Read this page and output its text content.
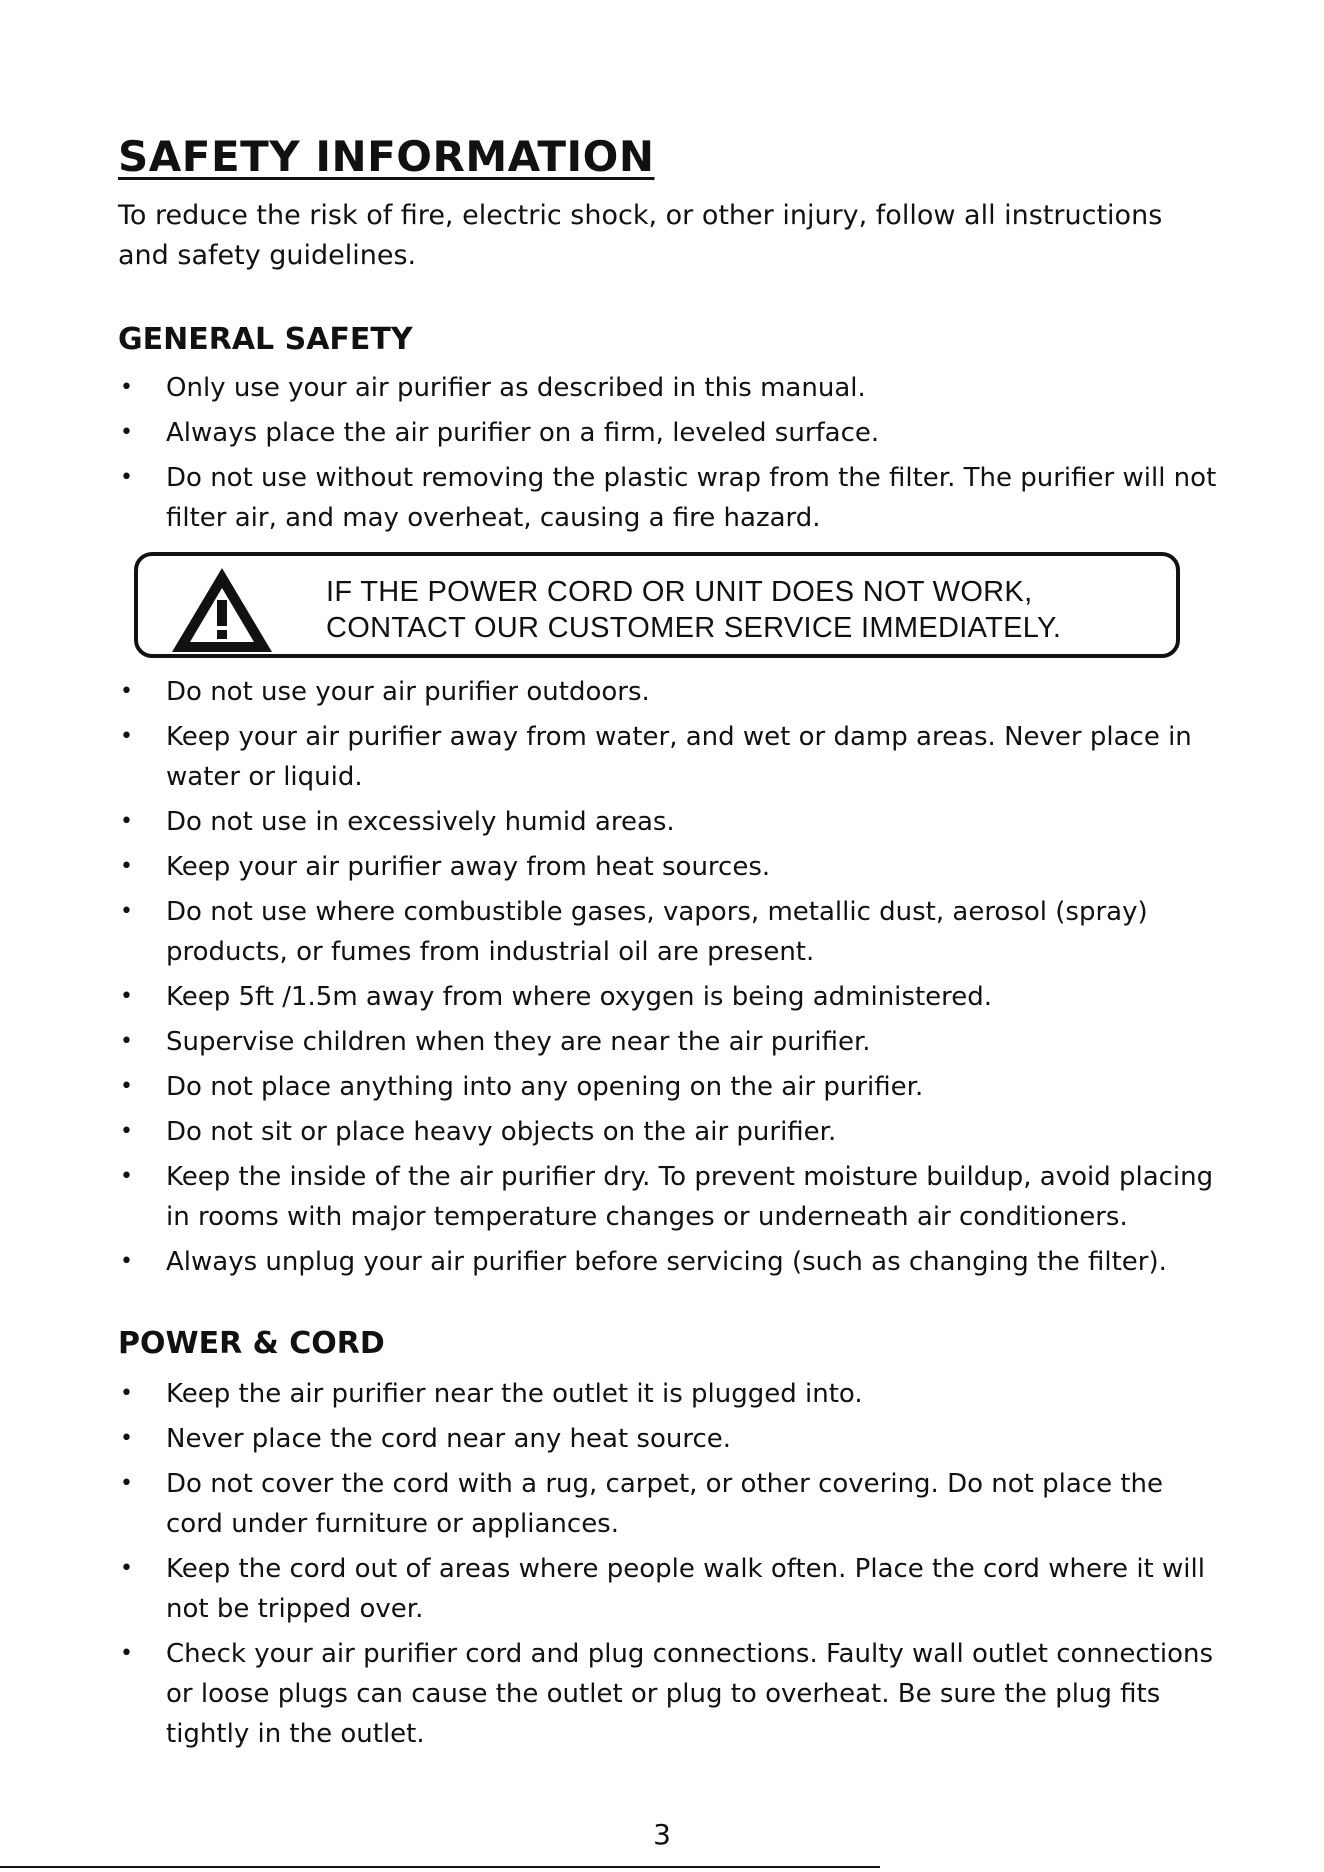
SAFETY INFORMATION

To reduce the risk of fire, electric shock, or other injury, follow all instructions and safety guidelines.

GENERAL SAFETY
• Only use your air purifier as described in this manual.
• Always place the air purifier on a firm, leveled surface.
• Do not use without removing the plastic wrap from the filter. The purifier will not filter air, and may overheat, causing a fire hazard.
IF THE POWER CORD OR UNIT DOES NOT WORK,
CONTACT OUR CUSTOMER SERVICE IMMEDIATELY.
• Do not use your air purifier outdoors.
• Keep your air purifier away from water, and wet or damp areas. Never place in water or liquid.
• Do not use in excessively humid areas.
• Keep your air purifier away from heat sources.
• Do not use where combustible gases, vapors, metallic dust, aerosol (spray) products, or fumes from industrial oil are present.
• Keep 5ft /1.5m away from where oxygen is being administered.
• Supervise children when they are near the air purifier.
• Do not place anything into any opening on the air purifier.
• Do not sit or place heavy objects on the air purifier.
• Keep the inside of the air purifier dry. To prevent moisture buildup, avoid placing in rooms with major temperature changes or underneath air conditioners.
• Always unplug your air purifier before servicing (such as changing the filter).
POWER & CORD
• Keep the air purifier near the outlet it is plugged into.
• Never place the cord near any heat source.
• Do not cover the cord with a rug, carpet, or other covering. Do not place the cord under furniture or appliances.
• Keep the cord out of areas where people walk often. Place the cord where it will not be tripped over.
• Check your air purifier cord and plug connections. Faulty wall outlet connections or loose plugs can cause the outlet or plug to overheat. Be sure the plug fits tightly in the outlet.
3
